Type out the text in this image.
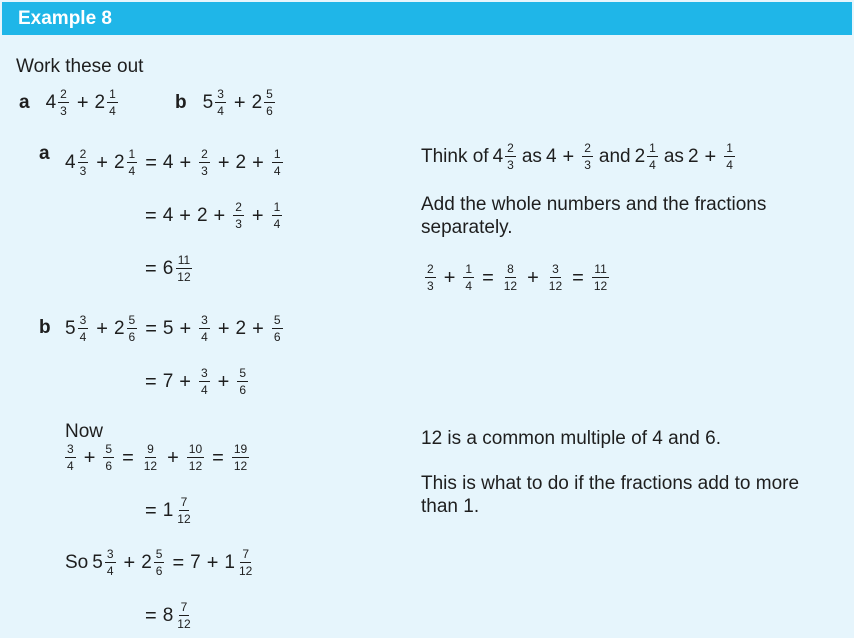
Example 8
Work these out
a $4 \frac{2}{3} + 2 \frac{1}{4}$	b $5 \frac{3}{4} + 2 \frac{5}{6}$
a $4 \frac{2}{3} + 2 \frac{1}{4} = 4 + \frac{2}{3} + 2 + \frac{1}{4}$
= $4 + 2 + \frac{2}{3} + \frac{1}{4}$
= $6 \frac{11}{12}$
b $5 \frac{3}{4} + 2 \frac{5}{6} = 5 + \frac{3}{4} + 2 + \frac{5}{6}$
= $7 + \frac{3}{4} + \frac{5}{6}$
Now
$\frac{3}{4} + \frac{5}{6} = \frac{9}{12} + \frac{10}{12} = \frac{19}{12}$
= $1 \frac{7}{12}$
So $5 \frac{3}{4} + 2 \frac{5}{6} = 7 + 1 \frac{7}{12}$
= $8 \frac{7}{12}$
Think of $4 \frac{2}{3}$ as $4 + \frac{2}{3}$ and $2 \frac{1}{4}$ as $2 + \frac{1}{4}$
Add the whole numbers and the fractions
separately.
$\frac{2}{3} + \frac{1}{4} = \frac{8}{12} + \frac{3}{12} = \frac{11}{12}$
12 is a common multiple of 4 and 6.
This is what to do if the fractions add to more
than 1.
